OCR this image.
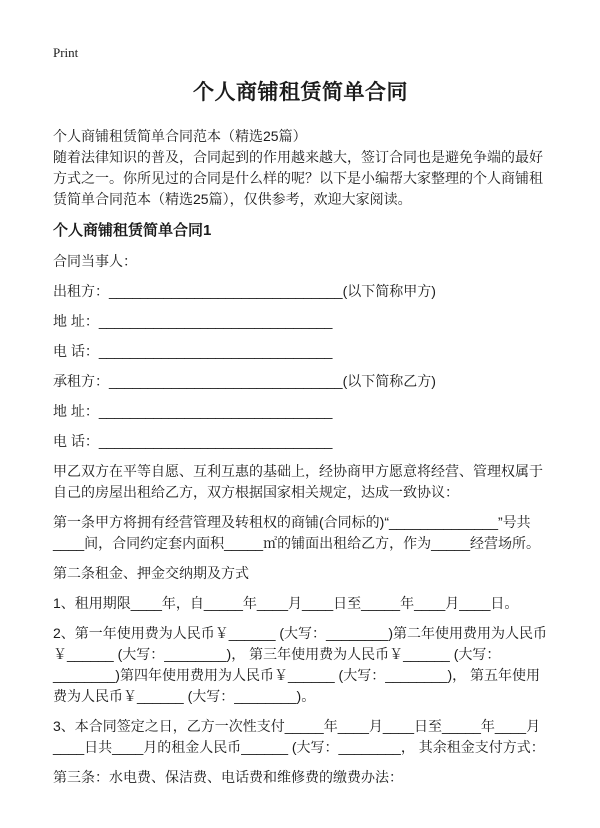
Print
个人商铺租赁简单合同

个人商铺租赁简单合同范本（精选25篇）

随着法律知识的普及，合同起到的作用越来越大，签订合同也是避免争端的最好方式之一。你所见过的合同是什么样的呢？以下是小编帮大家整理的个人商铺租赁简单合同范本（精选25篇），仅供参考，欢迎大家阅读。

个人商铺租赁简单合同1

合同当事人：

出租方：______________________________(以下简称甲方)

地 址：______________________________

电 话：______________________________

承租方：______________________________(以下简称乙方)

地 址：______________________________

电 话：______________________________

甲乙双方在平等自愿、互利互惠的基础上，经协商甲方愿意将经营、管理权属于自己的房屋出租给乙方，双方根据国家相关规定，达成一致协议：

第一条甲方将拥有经营管理及转租权的商铺(合同标的)“______________”号共____间，合同约定套内面积_____㎡的铺面出租给乙方，作为_____经营场所。

第二条租金、押金交纳期及方式

1、租用期限____年，自_____年____月____日至_____年____月____日。

2、第一年使用费为人民币￥______ (大写：________)第二年使用费用为人民币￥______ (大写：________)， 第三年使用费为人民币￥______ (大写：________)第四年使用费用为人民币￥______ (大写：________)， 第五年使用费为人民币￥______ (大写：________)。

3、本合同签定之日，乙方一次性支付_____年____月____日至_____年____月____日共____月的租金人民币______ (大写：________， 其余租金支付方式：

第三条：水电费、保洁费、电话费和维修费的缴费办法：
